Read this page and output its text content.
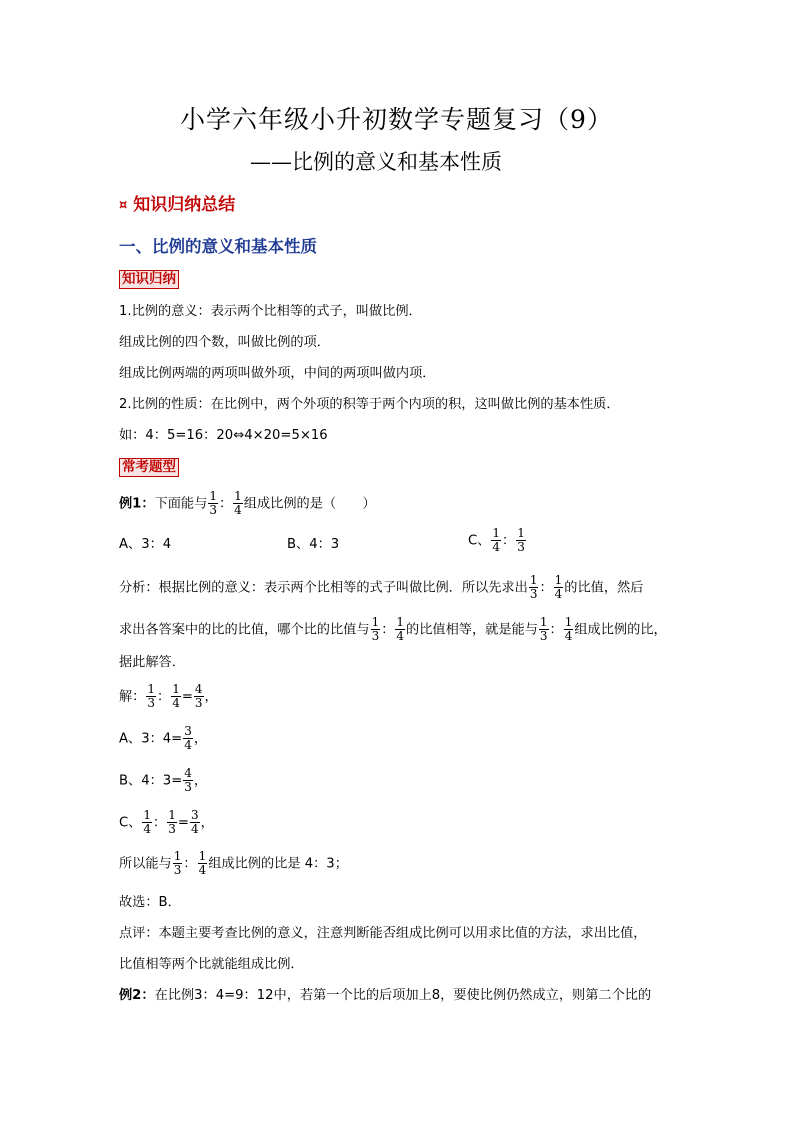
小学六年级小升初数学专题复习（9）
——比例的意义和基本性质
¤ 知识归纳总结
一、比例的意义和基本性质
知识归纳
1.比例的意义：表示两个比相等的式子，叫做比例．
组成比例的四个数，叫做比例的项．
组成比例两端的两项叫做外项，中间的两项叫做内项．
2.比例的性质：在比例中，两个外项的积等于两个内项的积，这叫做比例的基本性质．
如：4：5=16：20⇔4×20=5×16
常考题型
例1：下面能与 $\frac{1}{3}$ ： $\frac{1}{4}$ 组成比例的是（　　）
A、3：4	B、4：3	C、 $\frac{1}{4}$ ： $\frac{1}{3}$
分析：根据比例的意义：表示两个比相等的式子叫做比例．所以先求出 $\frac{1}{3}$ ： $\frac{1}{4}$ 的比值，然后
求出各答案中的比的比值，哪个比的比值与 $\frac{1}{3}$ ： $\frac{1}{4}$ 的比值相等，就是能与 $\frac{1}{3}$ ： $\frac{1}{4}$ 组成比例的比，
据此解答．
解： $\frac{1}{3}$ ： $\frac{1}{4} = \frac{4}{3}$ ，
A、3：$4= \frac{3}{4}$ ，
B、4：$3= \frac{4}{3}$ ，
C、 $\frac{1}{4}$ ： $\frac{1}{3} = \frac{3}{4}$ ，
所以能与 $\frac{1}{3}$ ： $\frac{1}{4}$ 组成比例的比是 4：3；
故选：B．
点评：本题主要考查比例的意义，注意判断能否组成比例可以用求比值的方法，求出比值，
比值相等两个比就能组成比例．
例2：在比例3：4=9：12中，若第一个比的后项加上8，要使比例仍然成立，则第二个比的
